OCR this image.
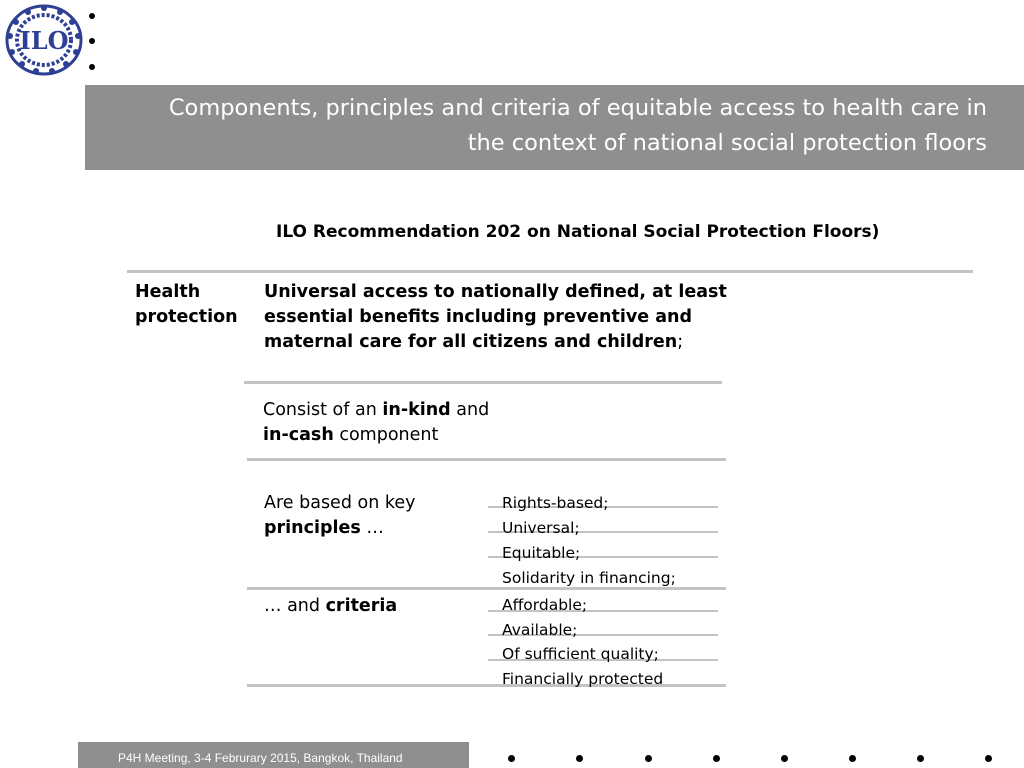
ILO
Components, principles and criteria of equitable access to health care in
the context of national social protection floors
ILO Recommendation 202 on National Social Protection Floors)
Health
protection
Universal access to nationally defined, at least
essential benefits including preventive and
maternal care for all citizens and children;
Consist of an in-kind and
in-cash component
Are based on key
principles …
Rights-based;
Universal;
Equitable;
Solidarity in financing;
… and criteria	Affordable;
Available;
Of sufficient quality;
Financially protected
P4H Meeting, 3-4 Februrary 2015, Bangkok, Thailand
